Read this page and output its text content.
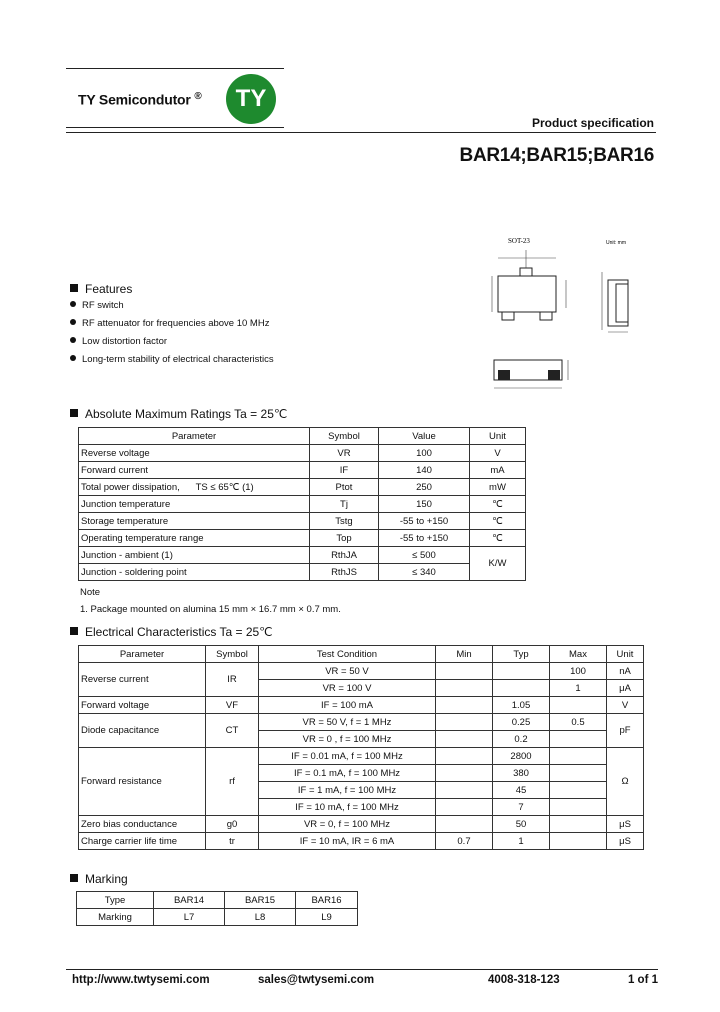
TY Semicondutor ®	TY
Product specification
BAR14;BAR15;BAR16
SOT-23	Unit: mm
Features
RF switch
RF attenuator for frequencies above 10 MHz
Low distortion factor
Long-term stability of electrical characteristics
Absolute Maximum Ratings Ta = 25℃
Parameter	Symbol	Value	Unit
Reverse voltage	VR	100	V
Forward current	IF	140	mA
Total power dissipation, TS ≤ 65℃ (1)	Ptot	250	mW
Junction temperature	Tj	150	℃
Storage temperature	Tstg	-55 to +150	℃
Operating temperature range	Top	-55 to +150	℃
Junction - ambient (1)	RthJA	≤ 500	K/W
Junction - soldering point	RthJS	≤ 340	
Note
1. Package mounted on alumina 15 mm × 16.7 mm × 0.7 mm.
Electrical Characteristics Ta = 25℃
Parameter	Symbol	Test Condition	Min	Typ	Max	Unit
Reverse current	IR	VR = 50 V			100	nA
		VR = 100 V			1	μA
Forward voltage	VF	IF = 100 mA		1.05		V
Diode capacitance	CT	VR = 50 V, f = 1 MHz		0.25	0.5	pF
		VR = 0 , f = 100 MHz		0.2		
Forward resistance	rf	IF = 0.01 mA, f = 100 MHz		2800		Ω
		IF = 0.1 mA, f = 100 MHz		380		
		IF = 1 mA, f = 100 MHz		45		
		IF = 10 mA, f = 100 MHz		7		
Zero bias conductance	g0	VR = 0, f = 100 MHz		50		μS
Charge carrier life time	tr	IF = 10 mA, IR = 6 mA	0.7	1		μS
Marking
Type	BAR14	BAR15	BAR16
Marking	L7	L8	L9
http://www.twtysemi.com	sales@twtysemi.com	4008-318-123	1 of 1
